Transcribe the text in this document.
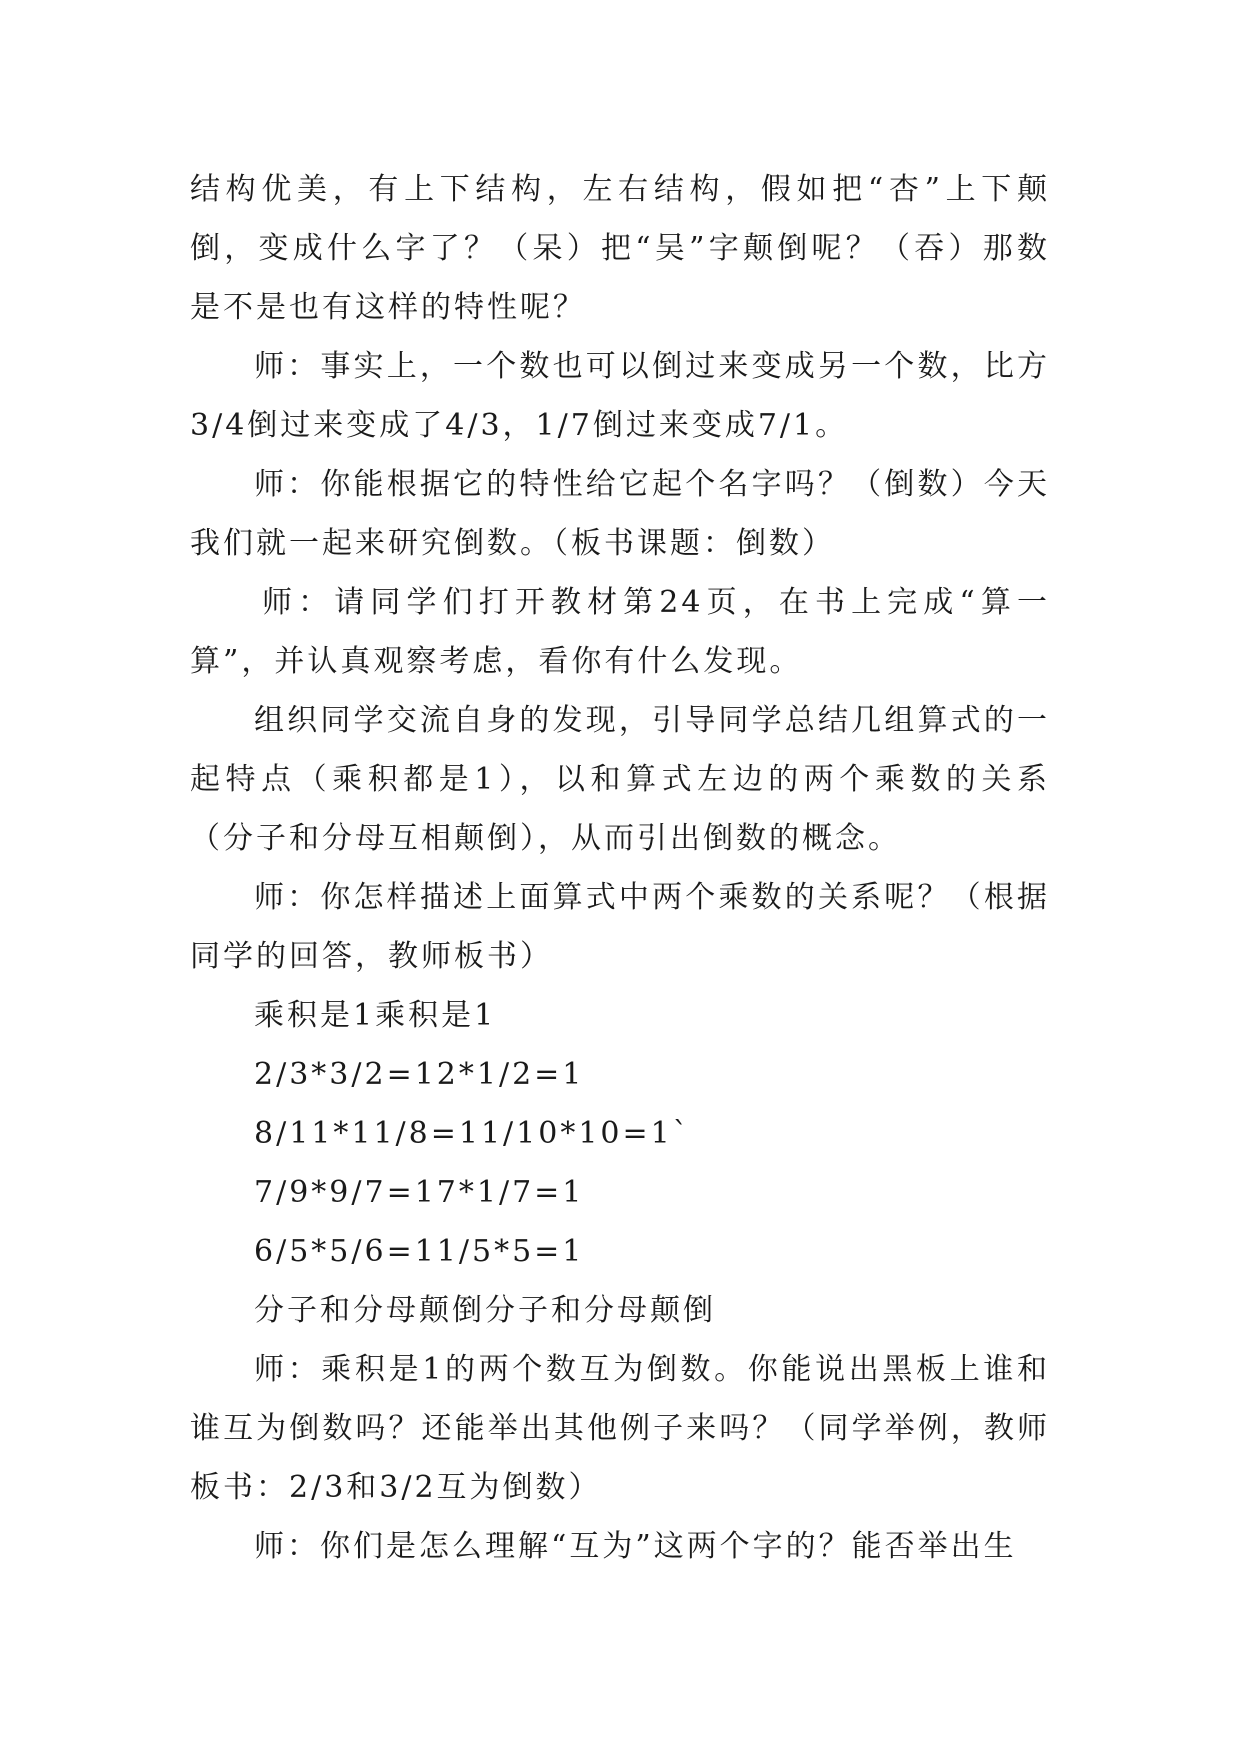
结构优美，有上下结构，左右结构，假如把“杏”上下颠倒，变成什么字了？（呆）把“吴”字颠倒呢？（吞）那数是不是也有这样的特性呢？

师：事实上，一个数也可以倒过来变成另一个数，比方3/4倒过来变成了4/3，1/7倒过来变成7/1。

师：你能根据它的特性给它起个名字吗？（倒数）今天我们就一起来研究倒数。（板书课题：倒数）

师：请同学们打开教材第24页，在书上完成“算一算”，并认真观察考虑，看你有什么发现。

组织同学交流自身的发现，引导同学总结几组算式的一起特点（乘积都是1），以和算式左边的两个乘数的关系（分子和分母互相颠倒），从而引出倒数的概念。

师：你怎样描述上面算式中两个乘数的关系呢？（根据同学的回答，教师板书）

乘积是1乘积是1

2/3*3/2=12*1/2=1

8/11*11/8=11/10*10=1`

7/9*9/7=17*1/7=1

6/5*5/6=11/5*5=1

分子和分母颠倒分子和分母颠倒

师：乘积是1的两个数互为倒数。你能说出黑板上谁和谁互为倒数吗？还能举出其他例子来吗？（同学举例，教师板书：2/3和3/2互为倒数）

师：你们是怎么理解“互为”这两个字的？能否举出生
